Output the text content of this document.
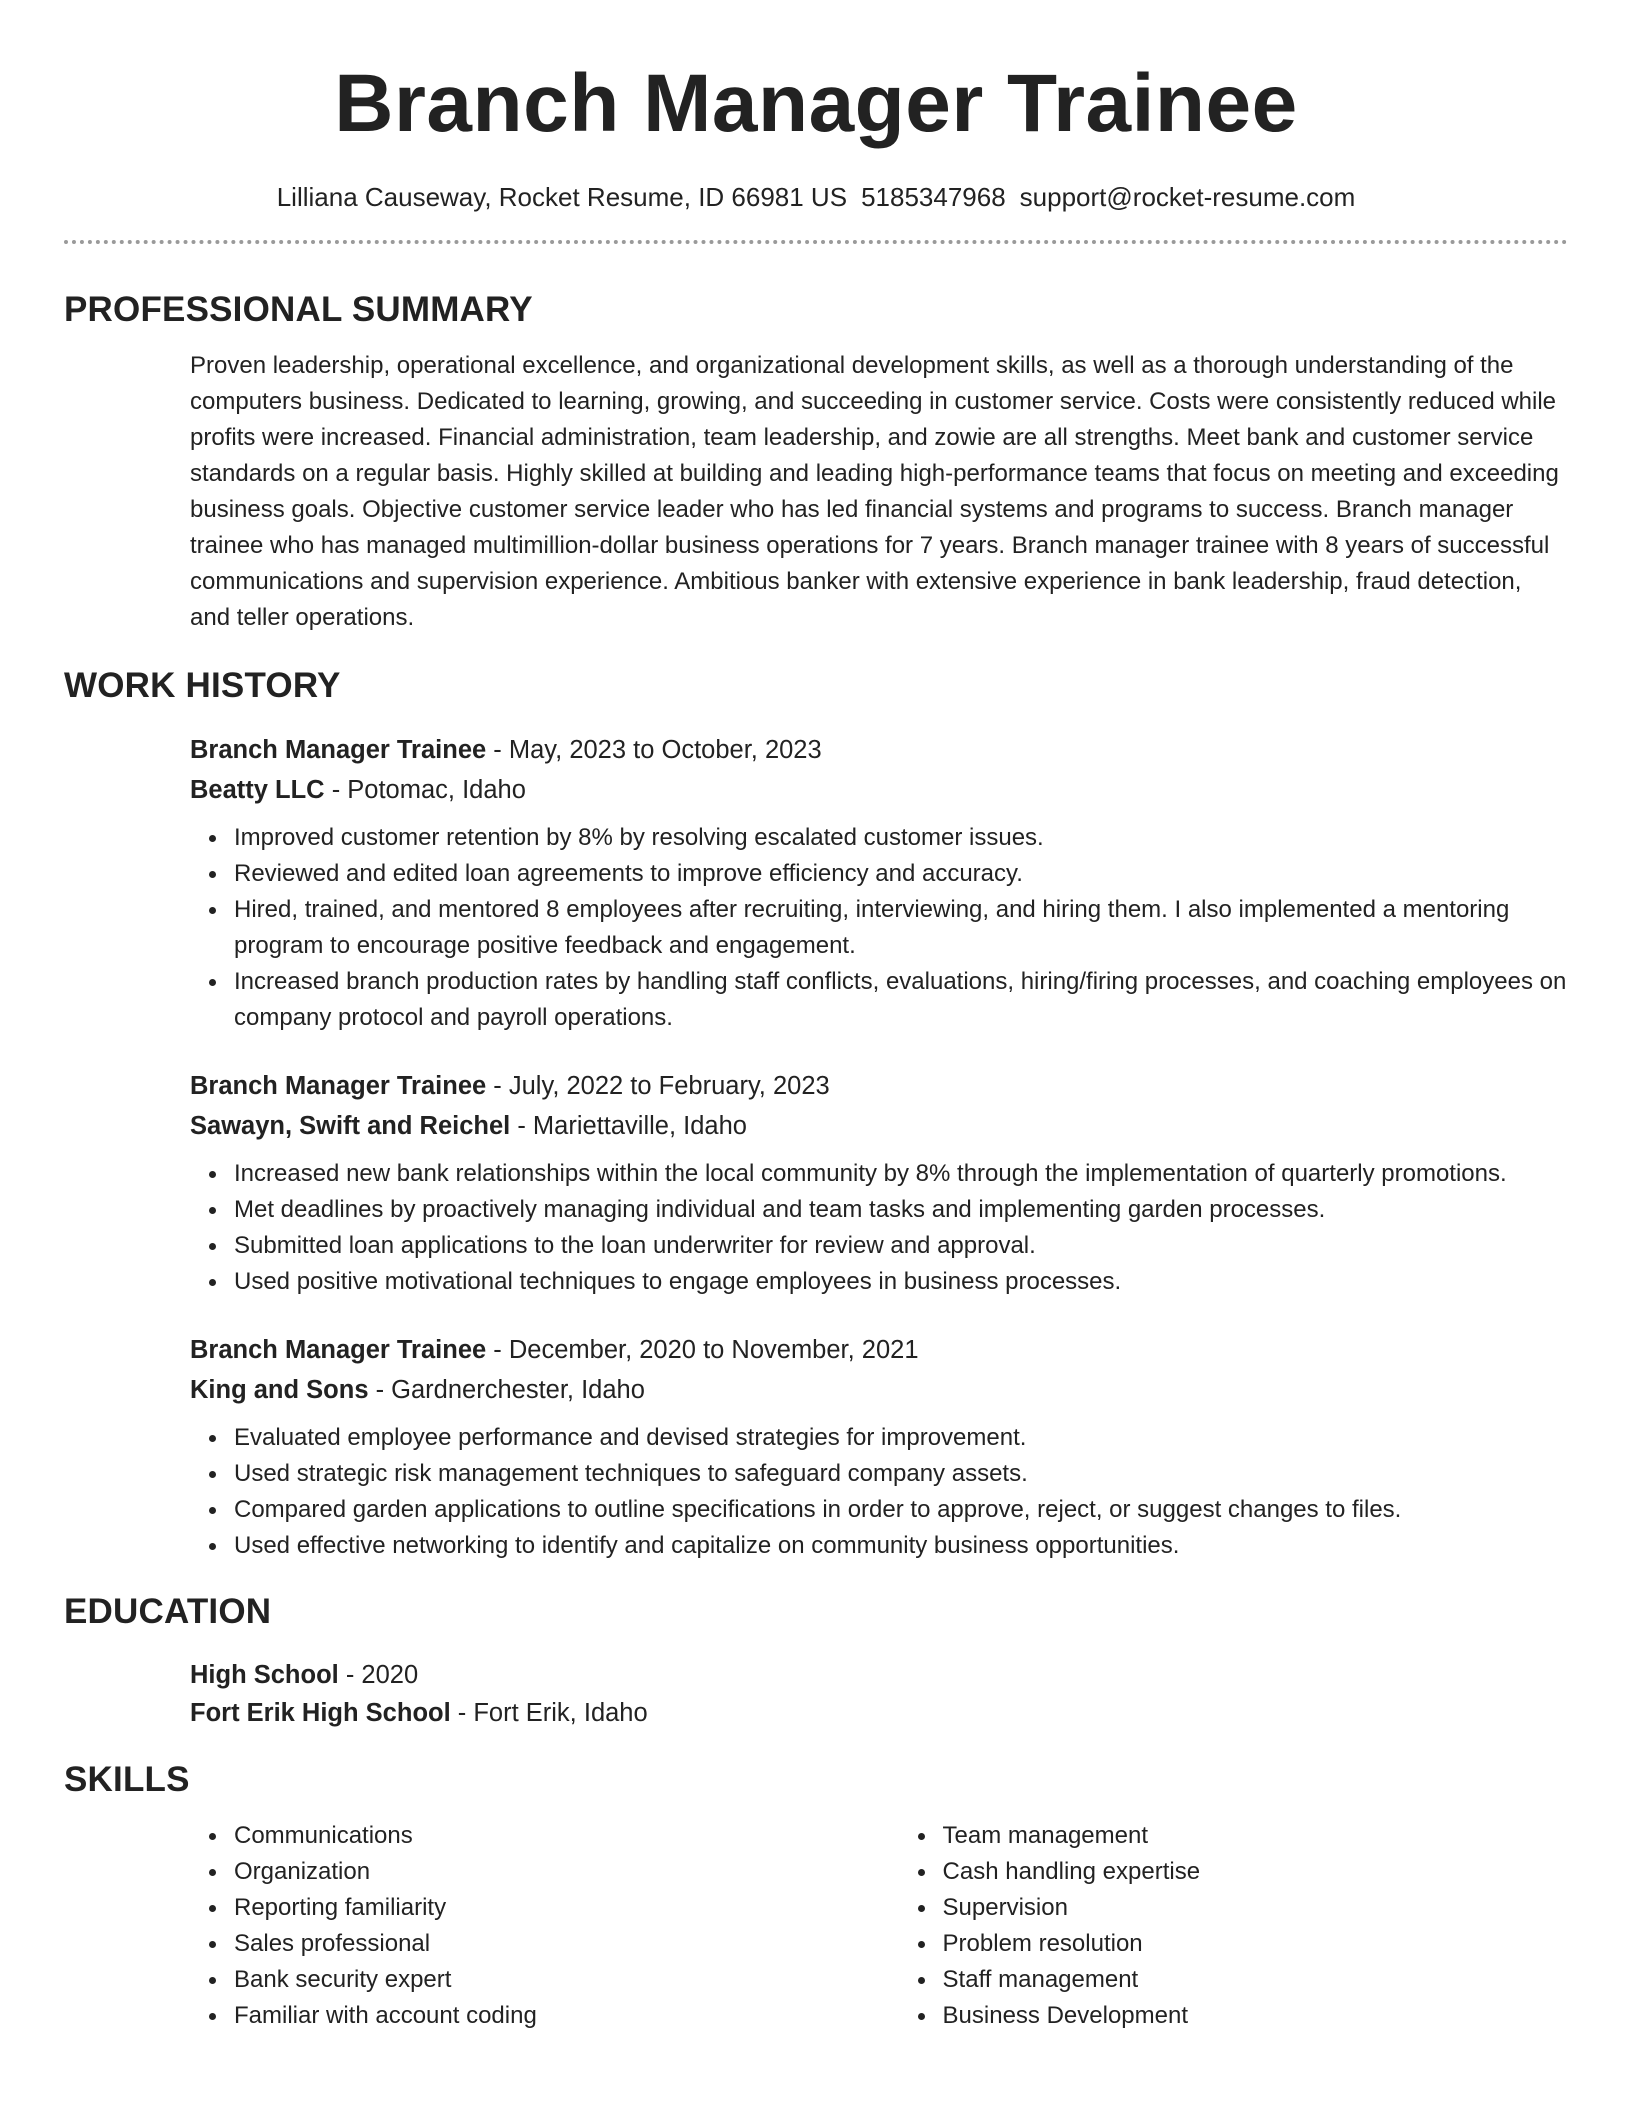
Branch Manager Trainee
Lilliana Causeway, Rocket Resume, ID 66981 US 5185347968 support@rocket-resume.com
PROFESSIONAL SUMMARY

Proven leadership, operational excellence, and organizational development skills, as well as a thorough understanding of the computers business. Dedicated to learning, growing, and succeeding in customer service. Costs were consistently reduced while profits were increased. Financial administration, team leadership, and zowie are all strengths. Meet bank and customer service standards on a regular basis. Highly skilled at building and leading high-performance teams that focus on meeting and exceeding business goals. Objective customer service leader who has led financial systems and programs to success. Branch manager trainee who has managed multimillion-dollar business operations for 7 years. Branch manager trainee with 8 years of successful communications and supervision experience. Ambitious banker with extensive experience in bank leadership, fraud detection, and teller operations.

WORK HISTORY
Branch Manager Trainee - May, 2023 to October, 2023
Beatty LLC - Potomac, Idaho
Improved customer retention by 8% by resolving escalated customer issues.
Reviewed and edited loan agreements to improve efficiency and accuracy.
Hired, trained, and mentored 8 employees after recruiting, interviewing, and hiring them. I also implemented a mentoring program to encourage positive feedback and engagement.
Increased branch production rates by handling staff conflicts, evaluations, hiring/firing processes, and coaching employees on company protocol and payroll operations.
Branch Manager Trainee - July, 2022 to February, 2023
Sawayn, Swift and Reichel - Mariettaville, Idaho
Increased new bank relationships within the local community by 8% through the implementation of quarterly promotions.
Met deadlines by proactively managing individual and team tasks and implementing garden processes.
Submitted loan applications to the loan underwriter for review and approval.
Used positive motivational techniques to engage employees in business processes.
Branch Manager Trainee - December, 2020 to November, 2021
King and Sons - Gardnerchester, Idaho
Evaluated employee performance and devised strategies for improvement.
Used strategic risk management techniques to safeguard company assets.
Compared garden applications to outline specifications in order to approve, reject, or suggest changes to files.
Used effective networking to identify and capitalize on community business opportunities.
EDUCATION
High School - 2020
Fort Erik High School - Fort Erik, Idaho
SKILLS
Communications
Organization
Reporting familiarity
Sales professional
Bank security expert
Familiar with account coding
Team management
Cash handling expertise
Supervision
Problem resolution
Staff management
Business Development
